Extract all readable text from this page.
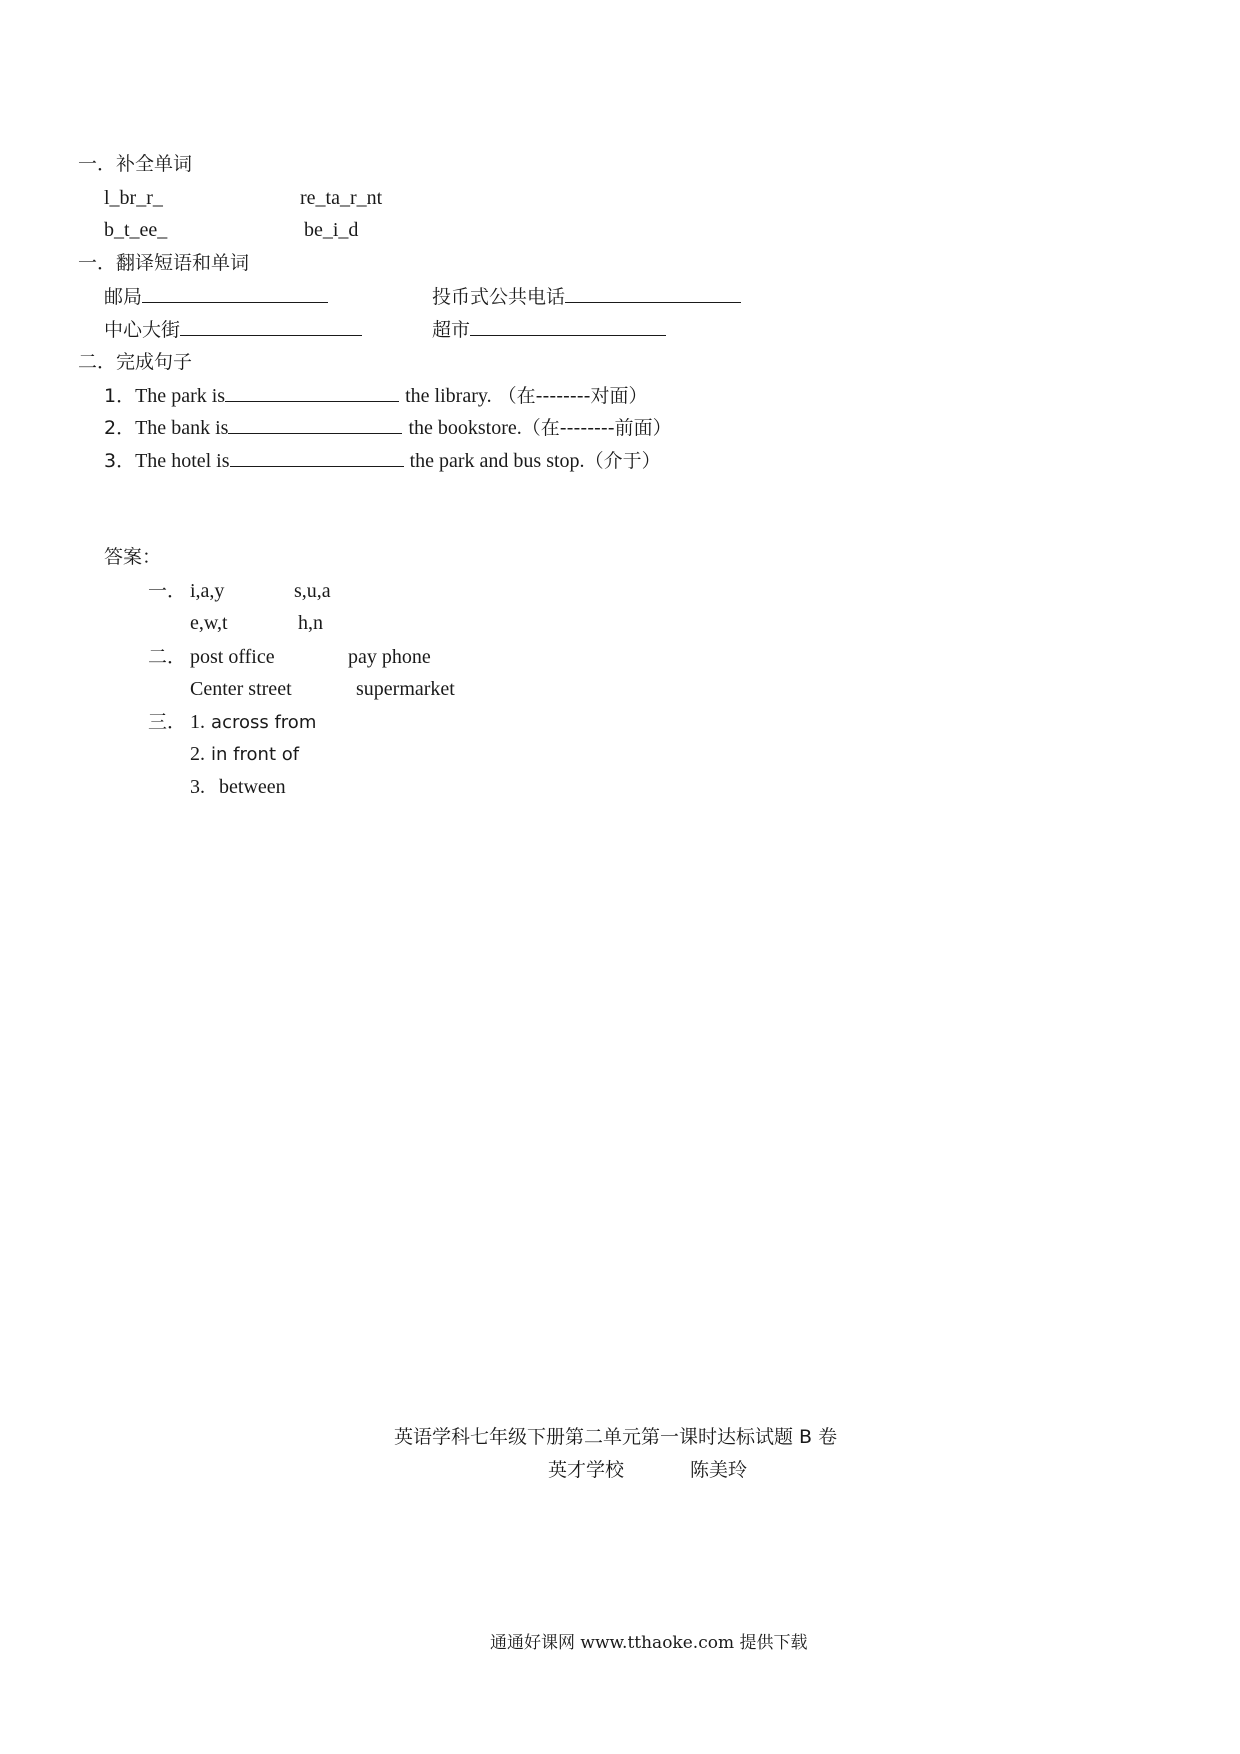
一．补全单词
l_br_r_	re_ta_r_nt
b_t_ee_	be_i_d
一．翻译短语和单词
邮局	投币式公共电话
中心大街	超市
二．完成句子
1．The park is	the library. （在--------对面）
2．The bank is	the bookstore.（在--------前面）
3．The hotel is	the park and bus stop.（介于）
答案：
一． i,a,y	s,u,a
e,w,t	h,n
二． post office	pay phone
Center street	supermarket
三． 1. across from
2. in front of
3. between
英语学科七年级下册第二单元第一课时达标试题 B 卷
英才学校	陈美玲
通通好课网 www.tthaoke.com 提供下载
